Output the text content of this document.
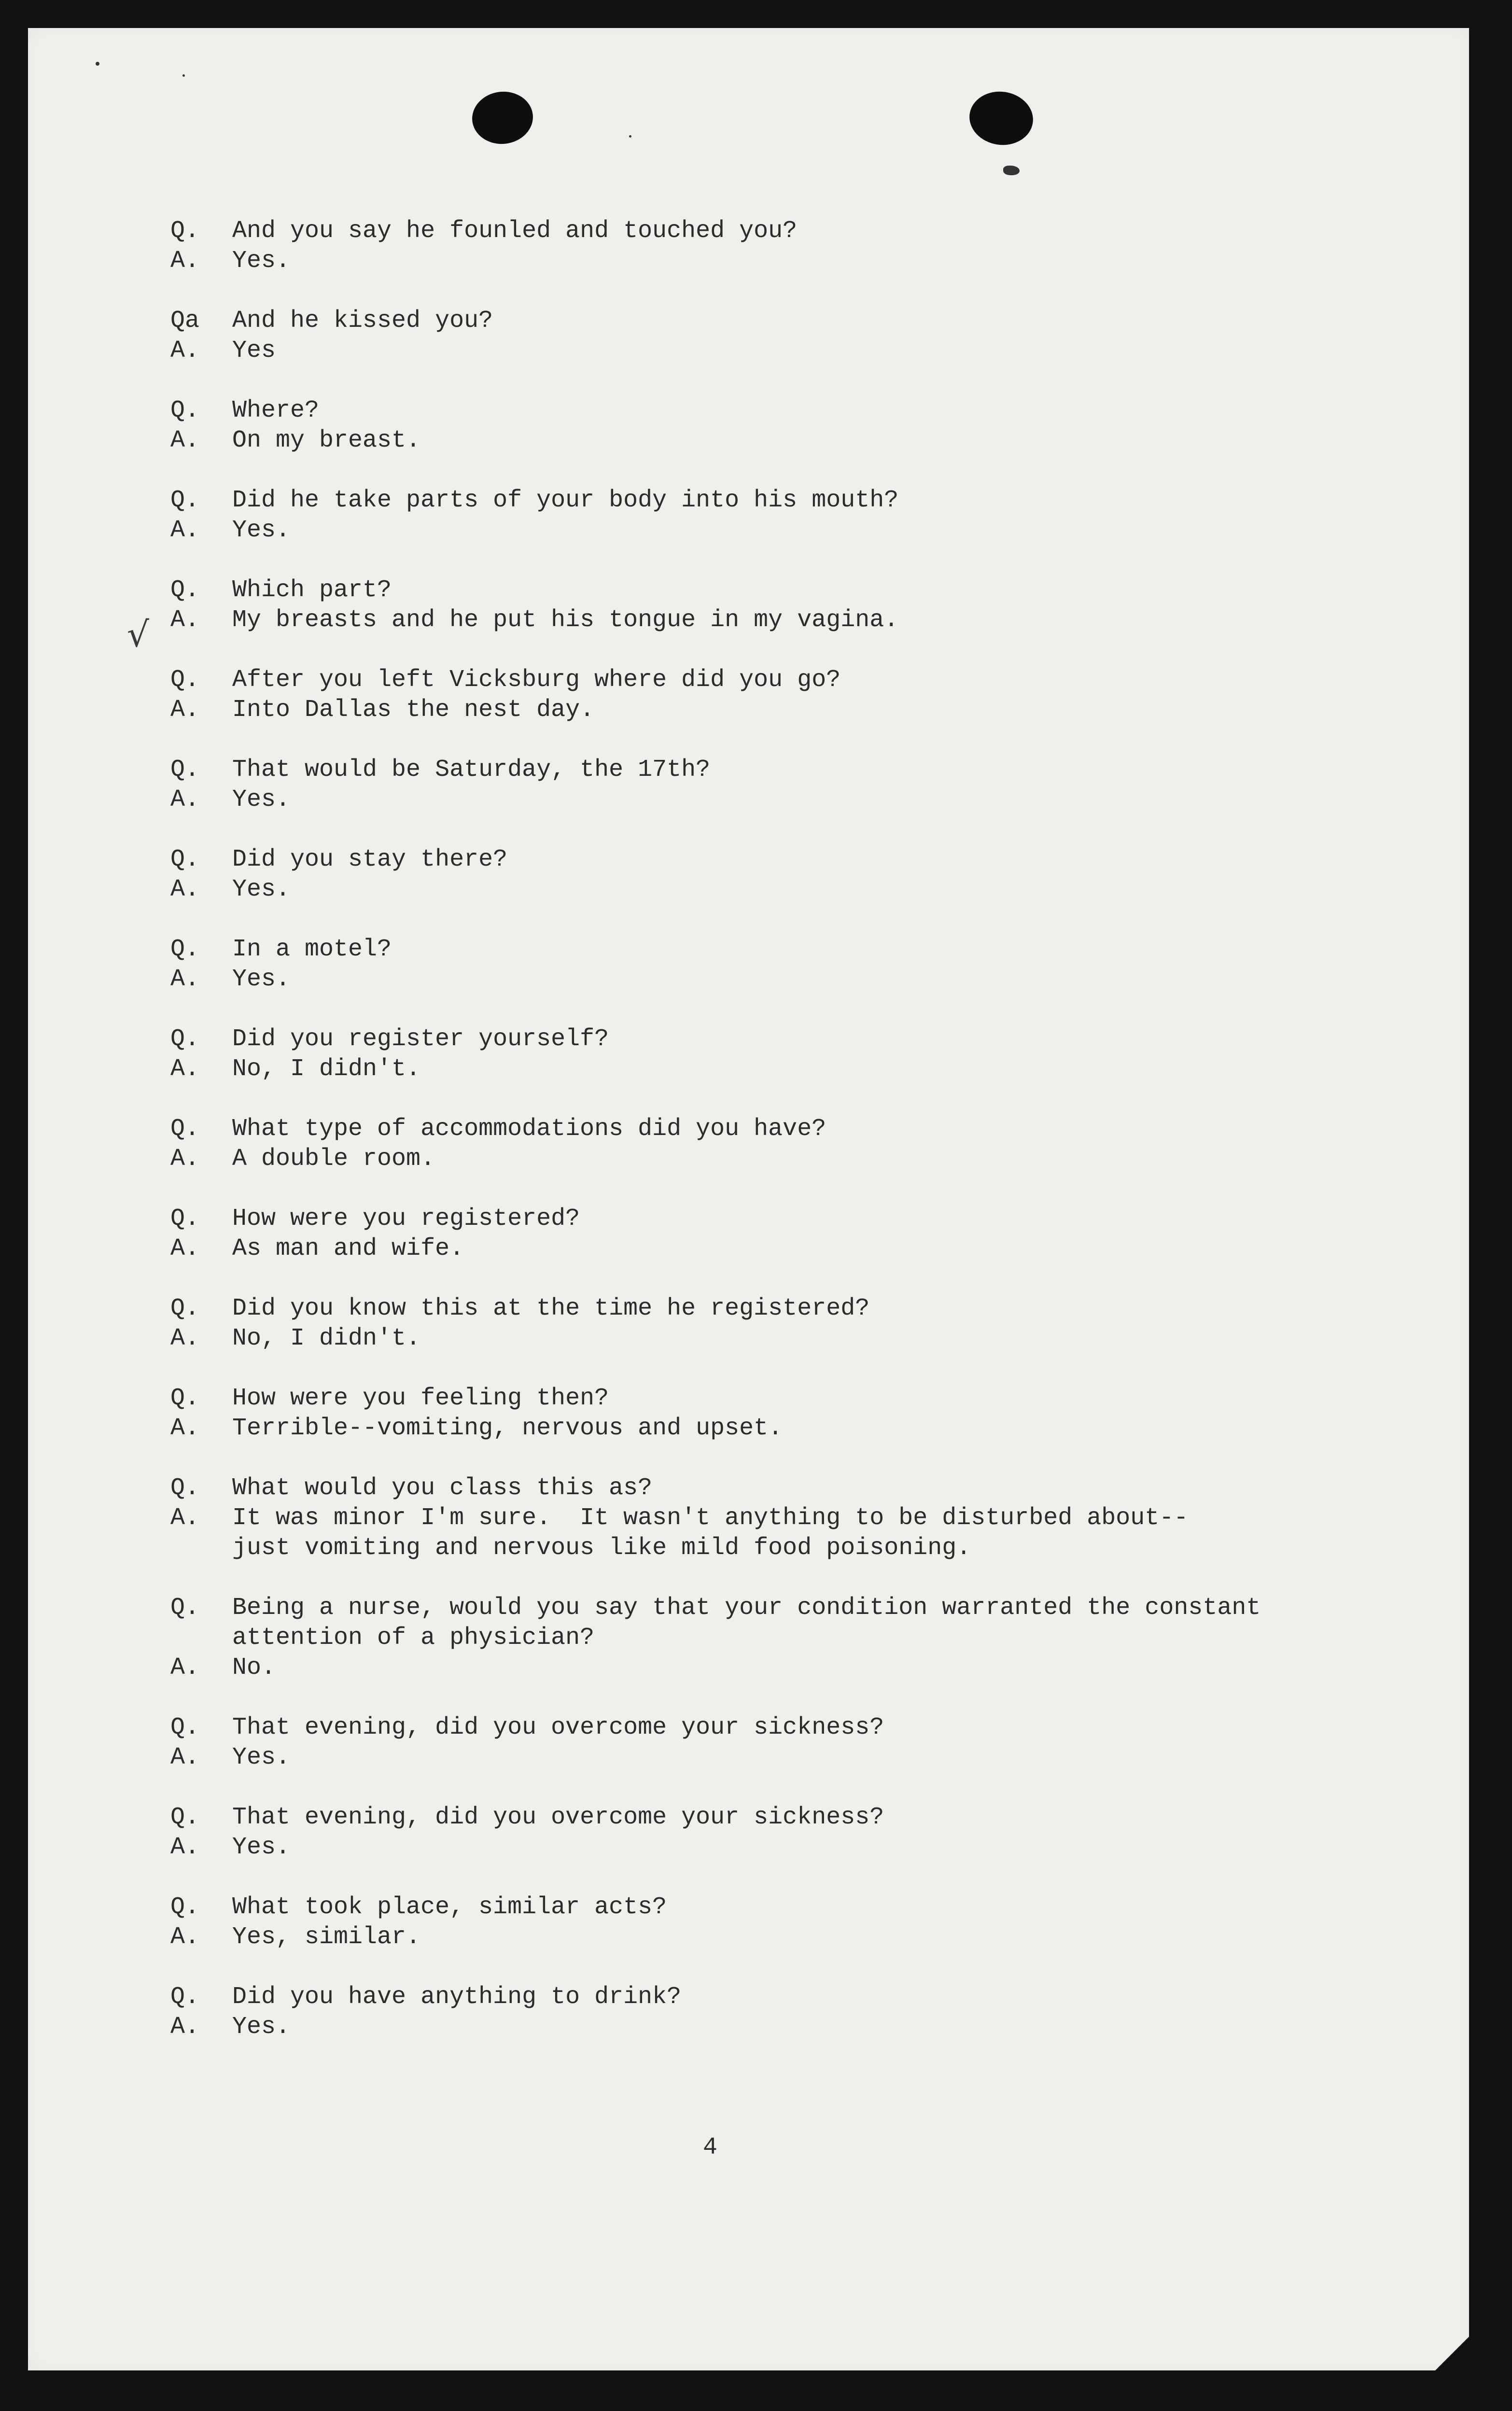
√
Q. And you say he founled and touched you?
A. Yes.
Qa And he kissed you?
A. Yes
Q. Where?
A. On my breast.
Q. Did he take parts of your body into his mouth?
A. Yes.
Q. Which part?
A. My breasts and he put his tongue in my vagina.
Q. After you left Vicksburg where did you go?
A. Into Dallas the nest day.
Q. That would be Saturday, the 17th?
A. Yes.
Q. Did you stay there?
A. Yes.
Q. In a motel?
A. Yes.
Q. Did you register yourself?
A. No, I didn't.
Q. What type of accommodations did you have?
A. A double room.
Q. How were you registered?
A. As man and wife.
Q. Did you know this at the time he registered?
A. No, I didn't.
Q. How were you feeling then?
A. Terrible--vomiting, nervous and upset.
Q. What would you class this as?
A. It was minor I'm sure.  It wasn't anything to be disturbed about--
just vomiting and nervous like mild food poisoning.
Q. Being a nurse, would you say that your condition warranted the constant
attention of a physician?
A. No.
Q. That evening, did you overcome your sickness?
A. Yes.
Q. That evening, did you overcome your sickness?
A. Yes.
Q. What took place, similar acts?
A. Yes, similar.
Q. Did you have anything to drink?
A. Yes.
4
